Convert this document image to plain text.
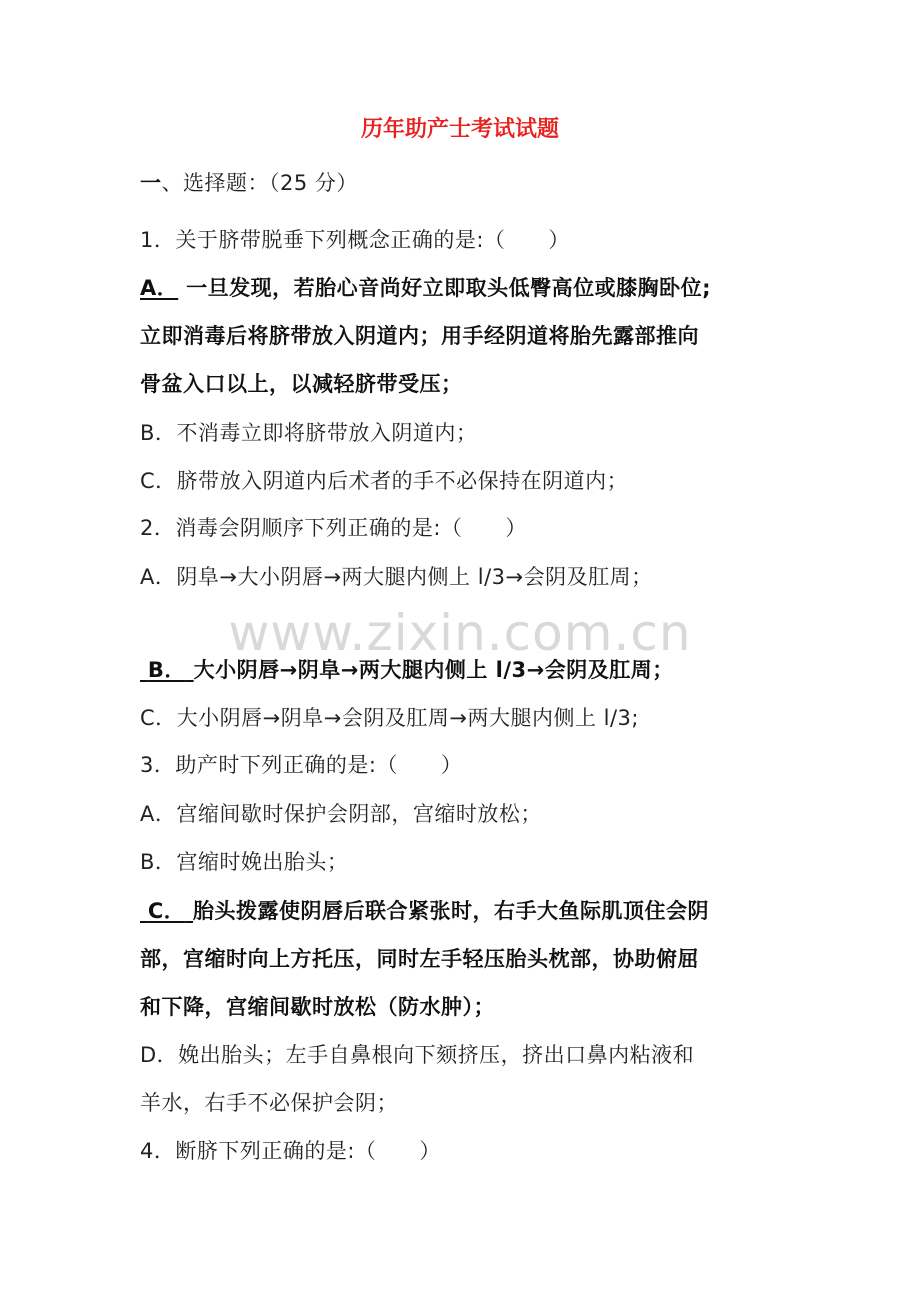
历年助产士考试试题
一、选择题：（25 分）
1．关于脐带脱垂下列概念正确的是:（　　）
A． 一旦发现，若胎心音尚好立即取头低臀高位或膝胸卧位;
立即消毒后将脐带放入阴道内；用手经阴道将胎先露部推向
骨盆入口以上，以减轻脐带受压；
B．不消毒立即将脐带放入阴道内；
C．脐带放入阴道内后术者的手不必保持在阴道内；
2．消毒会阴顺序下列正确的是:（　　）
A．阴阜→大小阴唇→两大腿内侧上 l/3→会阴及肛周；
www.zixin.com.cn
B． 大小阴唇→阴阜→两大腿内侧上 l/3→会阴及肛周；
C．大小阴唇→阴阜→会阴及肛周→两大腿内侧上 l/3;
3．助产时下列正确的是:（　　）
A．宫缩间歇时保护会阴部，宫缩时放松；
B．宫缩时娩出胎头；
C． 胎头拨露使阴唇后联合紧张时，右手大鱼际肌顶住会阴
部，宫缩时向上方托压，同时左手轻压胎头枕部，协助俯屈
和下降，宫缩间歇时放松（防水肿）；
D．娩出胎头；左手自鼻根向下颏挤压，挤出口鼻内粘液和
羊水，右手不必保护会阴；
4．断脐下列正确的是:（　　）
